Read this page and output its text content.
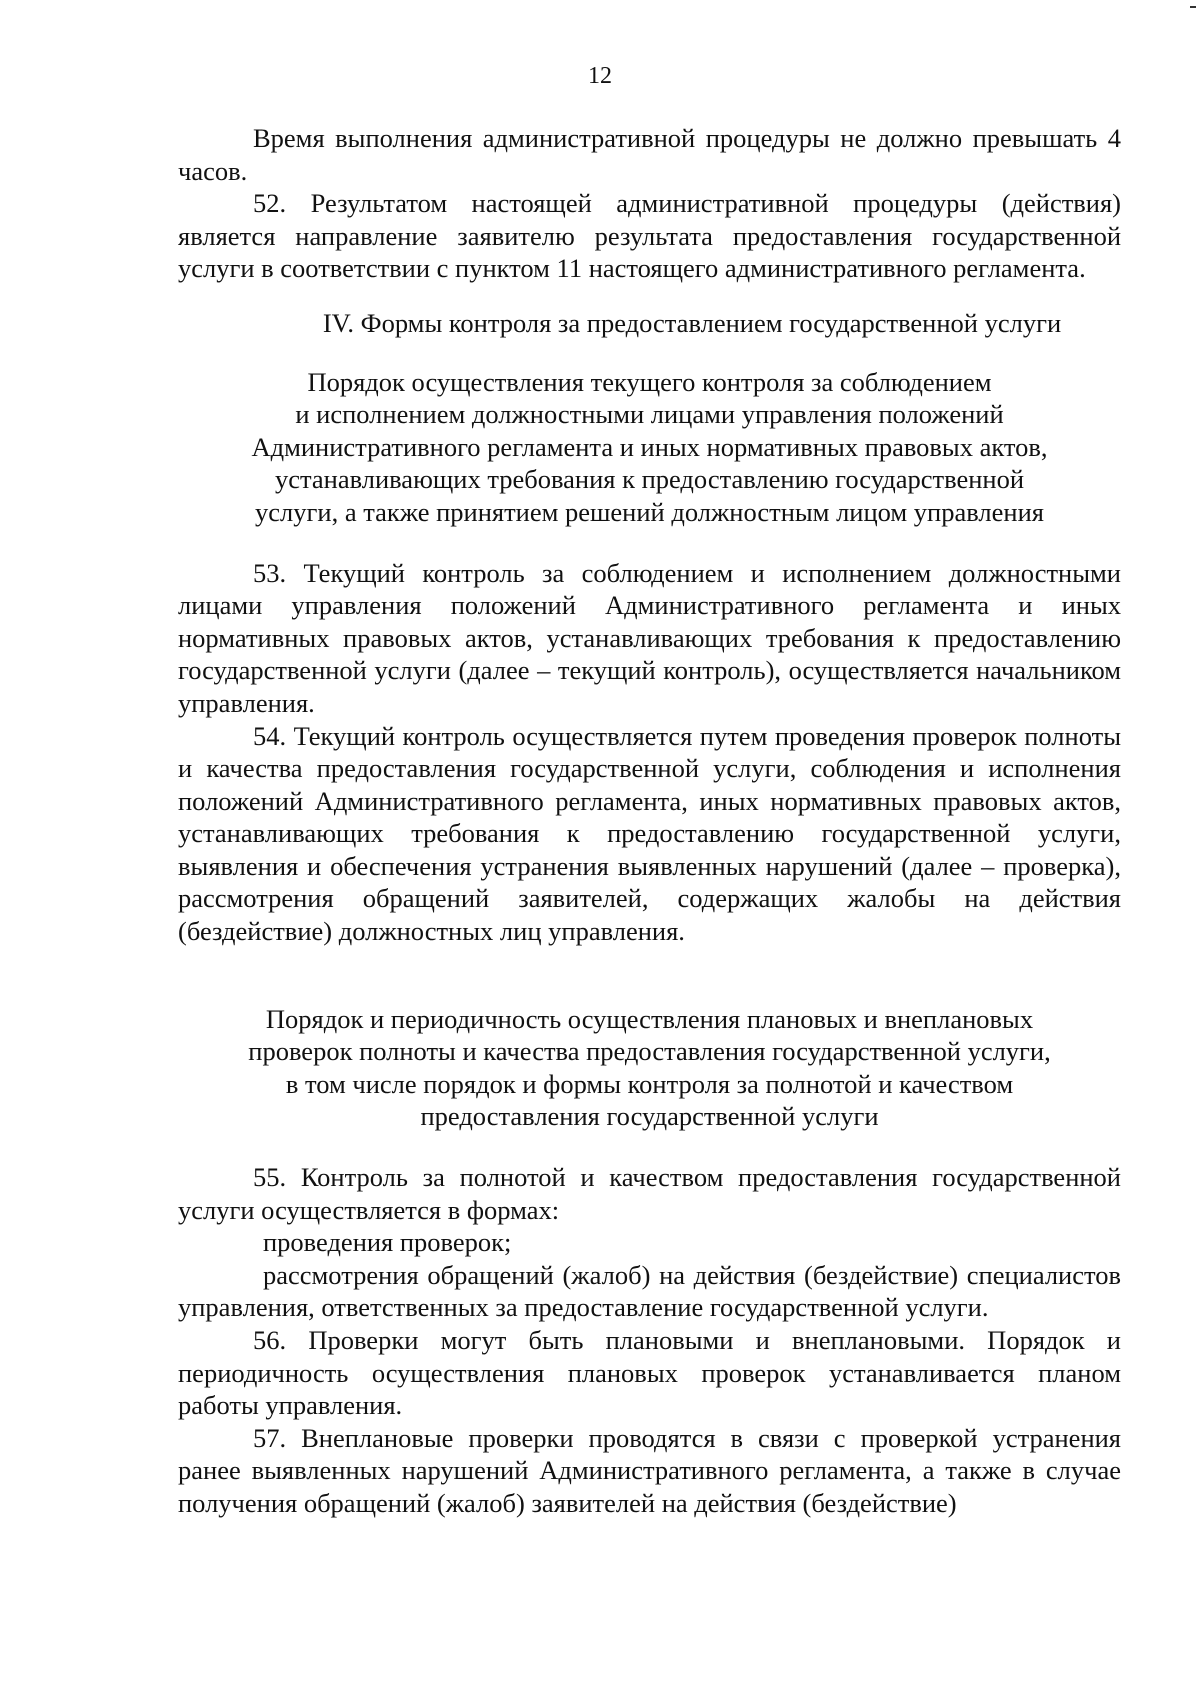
12

Время выполнения административной процедуры не должно превышать 4 часов.

52. Результатом настоящей административной процедуры (действия) является направление заявителю результата предоставления государственной услуги в соответствии с пунктом 11 настоящего административного регламента.

IV. Формы контроля за предоставлением государственной услуги

Порядок осуществления текущего контроля за соблюдением
и исполнением должностными лицами управления положений
Административного регламента и иных нормативных правовых актов,
устанавливающих требования к предоставлению государственной
услуги, а также принятием решений должностным лицом управления

53. Текущий контроль за соблюдением и исполнением должностными лицами управления положений Административного регламента и иных нормативных правовых актов, устанавливающих требования к предоставлению государственной услуги (далее – текущий контроль), осуществляется начальником управления.

54. Текущий контроль осуществляется путем проведения проверок полноты и качества предоставления государственной услуги, соблюдения и исполнения положений Административного регламента, иных нормативных правовых актов, устанавливающих требования к предоставлению государственной услуги, выявления и обеспечения устранения выявленных нарушений (далее – проверка), рассмотрения обращений заявителей, содержащих жалобы на действия (бездействие) должностных лиц управления.

Порядок и периодичность осуществления плановых и внеплановых
проверок полноты и качества предоставления государственной услуги,
в том числе порядок и формы контроля за полнотой и качеством
предоставления государственной услуги

55. Контроль за полнотой и качеством предоставления государственной услуги осуществляется в формах:

проведения проверок;

рассмотрения обращений (жалоб) на действия (бездействие) специалистов управления, ответственных за предоставление государственной услуги.

56. Проверки могут быть плановыми и внеплановыми. Порядок и периодичность осуществления плановых проверок устанавливается планом работы управления.

57. Внеплановые проверки проводятся в связи с проверкой устранения ранее выявленных нарушений Административного регламента, а также в случае получения обращений (жалоб) заявителей на действия (бездействие)
